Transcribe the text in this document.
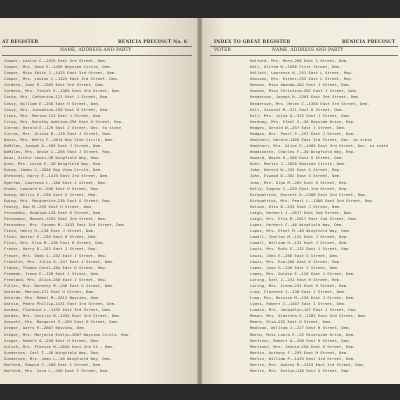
AT REGISTER	BENICIA PRECINCT No. 6
NAME, ADDRESS AND PARTY
Cooper, Leslie C.—1425 East 3rd Street, Dem.
Cooper, Mrs. Anna E.—1436 Bayview Circle, Dem.
Cooper, Miss Edith J.—1425 East 3rd Street, Dem.
Cooper, Mrs. Louise C.—1425 East 3rd Street, Dem.
Cordero, John R.—1365 East 3rd Street, Dem.
Cordero, Mrs. Violet E.—1365 East 3rd Street, Dem.
Costa, Mrs. Catherine—121 East J Street, Dem.
Cossy, William E.—258 East H Street, Dem.
Cossy, Mrs. Josephine—258 East H Street, Dem.
Cross, Mrs. Marion—125 East J Street, Dem.
Crisp, Mrs. Dorothy Adeline—256 East H Street, Rep.
Curran, Harold E.—129 East J Street, Dec. to state
Curran, Mrs. Olivia M.—129 East J Street, Dem.
Davis, Mrs. Betty F.—2614 Bay View Circle, Dem.
DeMiles, Joseph A.—265 East J Street, Dem.
DeMiles, Mrs. Annie L.—265 East J Street, Rep.
Diaz, Arthur Lewis—38 Wingfield Way, Dem.
Dunn, Mrs. Lorna E.—38 Wingfield Way, Rep.
Ewing, James C.—2836 Bay View Circle, Dem.
Ehrhardt, Harry E.—1429 East 3rd Street, Dem.
Egerton, Lawrence L.—166 East J Street, Dem.
Ennen, Leonard H.—266 East H Street, Rep.
Ewing, Willis S.—230 East G Street, Rep.
Ewing, Mrs. Marguerite—230 East G Street, Rep.
Fealey, Dan M.—235 East H Street, Dem.
Fernandez, Rudolph—128 East H Street, Dem.
Fernandez, Manuel—1433 East 3rd Street, Dem.
Fernandez, Mrs. Carmen M.—1433 East 3rd Street, Dem.
Field, Henry H.—138 East J Street, Dem.
Flinn, Walter E.—236 East H Street, Dem.
Flinn, Mrs. Elva M.—236 East H Street, Dem.
Fraser, Harry D.—152 East J Street, Rep.
Fraser, Mrs. Vada G.—152 East J Street, Rep.
Franklin, Mrs. Julia A.—147 East J Street, Dem.
Franks, Thomas Cecil—264 East H Street, Rep.
Freeman, Irene E.—128 East J Street, Dem.
Freeland, Mrs. Alice—250 East J Street, Rep.
Fuller, Mrs. Dorothy M.—246 East G Street, Dem.
Galardo, Marion—271 East H Street, Dem.
Galardo, Mrs. Mabel M.—2612 Bayview, Dem.
Garcia, Pedro Phillip—1431 East 3rd Street, Dem.
Gordon, Clarence L.—1435 East 3rd Street, Dem.
Gordon, Mrs. Cecilia M.—1435 East 3rd Street, Dem.
Gossett, Mrs. Margaret P.—265 East H Street, Dem.
Gregor, Garry H.—2807 Bayview, Dem.
Gregor, Mrs. Marjorie Evelyn—2807 Bayview Circle, Rep.
Gregor, Robert A.—258 East H Street, Dem.
Gulick, Mrs. Flossie M.—2820 East 3rd St., Dem.
Gundersen, Carl T.—40 Wingfield Way, Dem.
Gundersen, Mrs. Jean L.—40 Wingfield Way, Dem.
Hafford, Edward C.—260 East I Street, Dem.
Hafford, Mrs. Cora L.—260 East I Street, Dem.
INDEX TO GREAT REGISTER	BENICIA PRECINCT
VOTER	NAME, ADDRESS AND PARTY
Halford, Mrs. Mary—260 East I Street, Dem.
Hall, Alfred W.—1036 First Street, Dem.
Hallett, Lawrence H.—251 East L Street, Rep.
Hanssen, Mrs. Esther—252 East L Street, Rep.
Hansen, Miss Amanda—262 East J Street, Dem.
Hansen, Miss Christine—262 East J Street, Dem.
Henderson, Joseph H.—1305 East 3rd Street, Dem.
Henderson, Mrs. Helen C.—1305 East 3rd Street, Dem.
Hill, Vincent M.—371 East H Street, Dem.
Hill, Mrs. Julia A.—325 East J Street, Dem.
Hardway, Mrs. Ethel G.—36 Bayside Drive, Rep.
Hedges, Gerald W.—257 East J Street, Dem.
Hodges, Mrs. Pearl P.—257 East J Street, Dem.
Hawthorn, Harold—1409 East 3rd Street, Dec. to state
Hawthorn, Mrs. Alice E.—1409 East 3rd Street, Dec. to state
Hoddinotte, Charles F.—30 Wingfield Way, Rep.
Howard, Wayne H.—260 East G Street, Dem.
Hunt, Martin J.—2828 Bayview Circle, Dem.
Jobe, Harold W.—253 East G Street, Rep.
John, Elwood D.—362 East O Street, Dem.
John, Mrs. Olga M.—262 East O Street, Rep.
Kelly, Eugene C.—259 East 2nd Street, Rep.
Kirkpatrick, Everett D.—1308 East 3rd Street, Rep.
Kirkpatrick, Mrs. Pearl L.—1308 East 3rd Street, Rep.
Kelsen, Otto B.—253 East J Street, Dem.
Leigh, Herbert J.—2617 East 2nd Street, Dem.
Leigh, Mrs. Ella M.—2617 East 2nd Street, Dem.
Lopez, Herbert C.—46 Wingfield Way, Dem.
Lopez, Mrs. Ethel M.—46 Wingfield Way, Dem.
Lowell, Charles M.—132 East J Street, Rep.
Lowell, William H.—132 East J Street, Dem.
Lewis, Mrs. Ruth E.—132 East J Street, Rep.
Lewis, John E.—260 East G Street, Dem.
Lewis, Mrs. Eva—260 East K Street, Rep.
Lopes, Jose G.—126 East J Street, Dem.
Lopes, Mrs. Goldie E.—126 East J Street, Dem.
Loring, Earl J.—231 East H Street, Rep.
Loring, Mrs. Irene—231 East H Street, Dem.
Luna, Clarence J.—130 East J Street, Dem.
Luna, Mrs. Bernice M.—130 East J Street, Dem.
Lyons, Robert C.—1307 East I Street, Dem.
Lundin, Mrs. Jacquelyn—107 East J Street, Rep.
Mason, Mrs. Albertha E.—1302 East 3rd Street, Dem.
Moore, Elsa—232 East H Street, Dem.
Madison, William J.—227 East H Street, Dem.
Marsh, Miss Laura E.—25 Riverside Drive, Dem.
Martinez, Robert A.—250 East H Street, Dem.
Martinez, Mrs. Jennie—250 East H Street, Rep.
Martin, Anthony F.—255 East H Street, Dem.
Martin, William P.—1433 East 3rd Street, Dem.
Martin, Mrs. Audrey M.—1433 East 3rd Street, Dem.
Martin, Mrs. Evelyn—248 East G Street, Rep.
